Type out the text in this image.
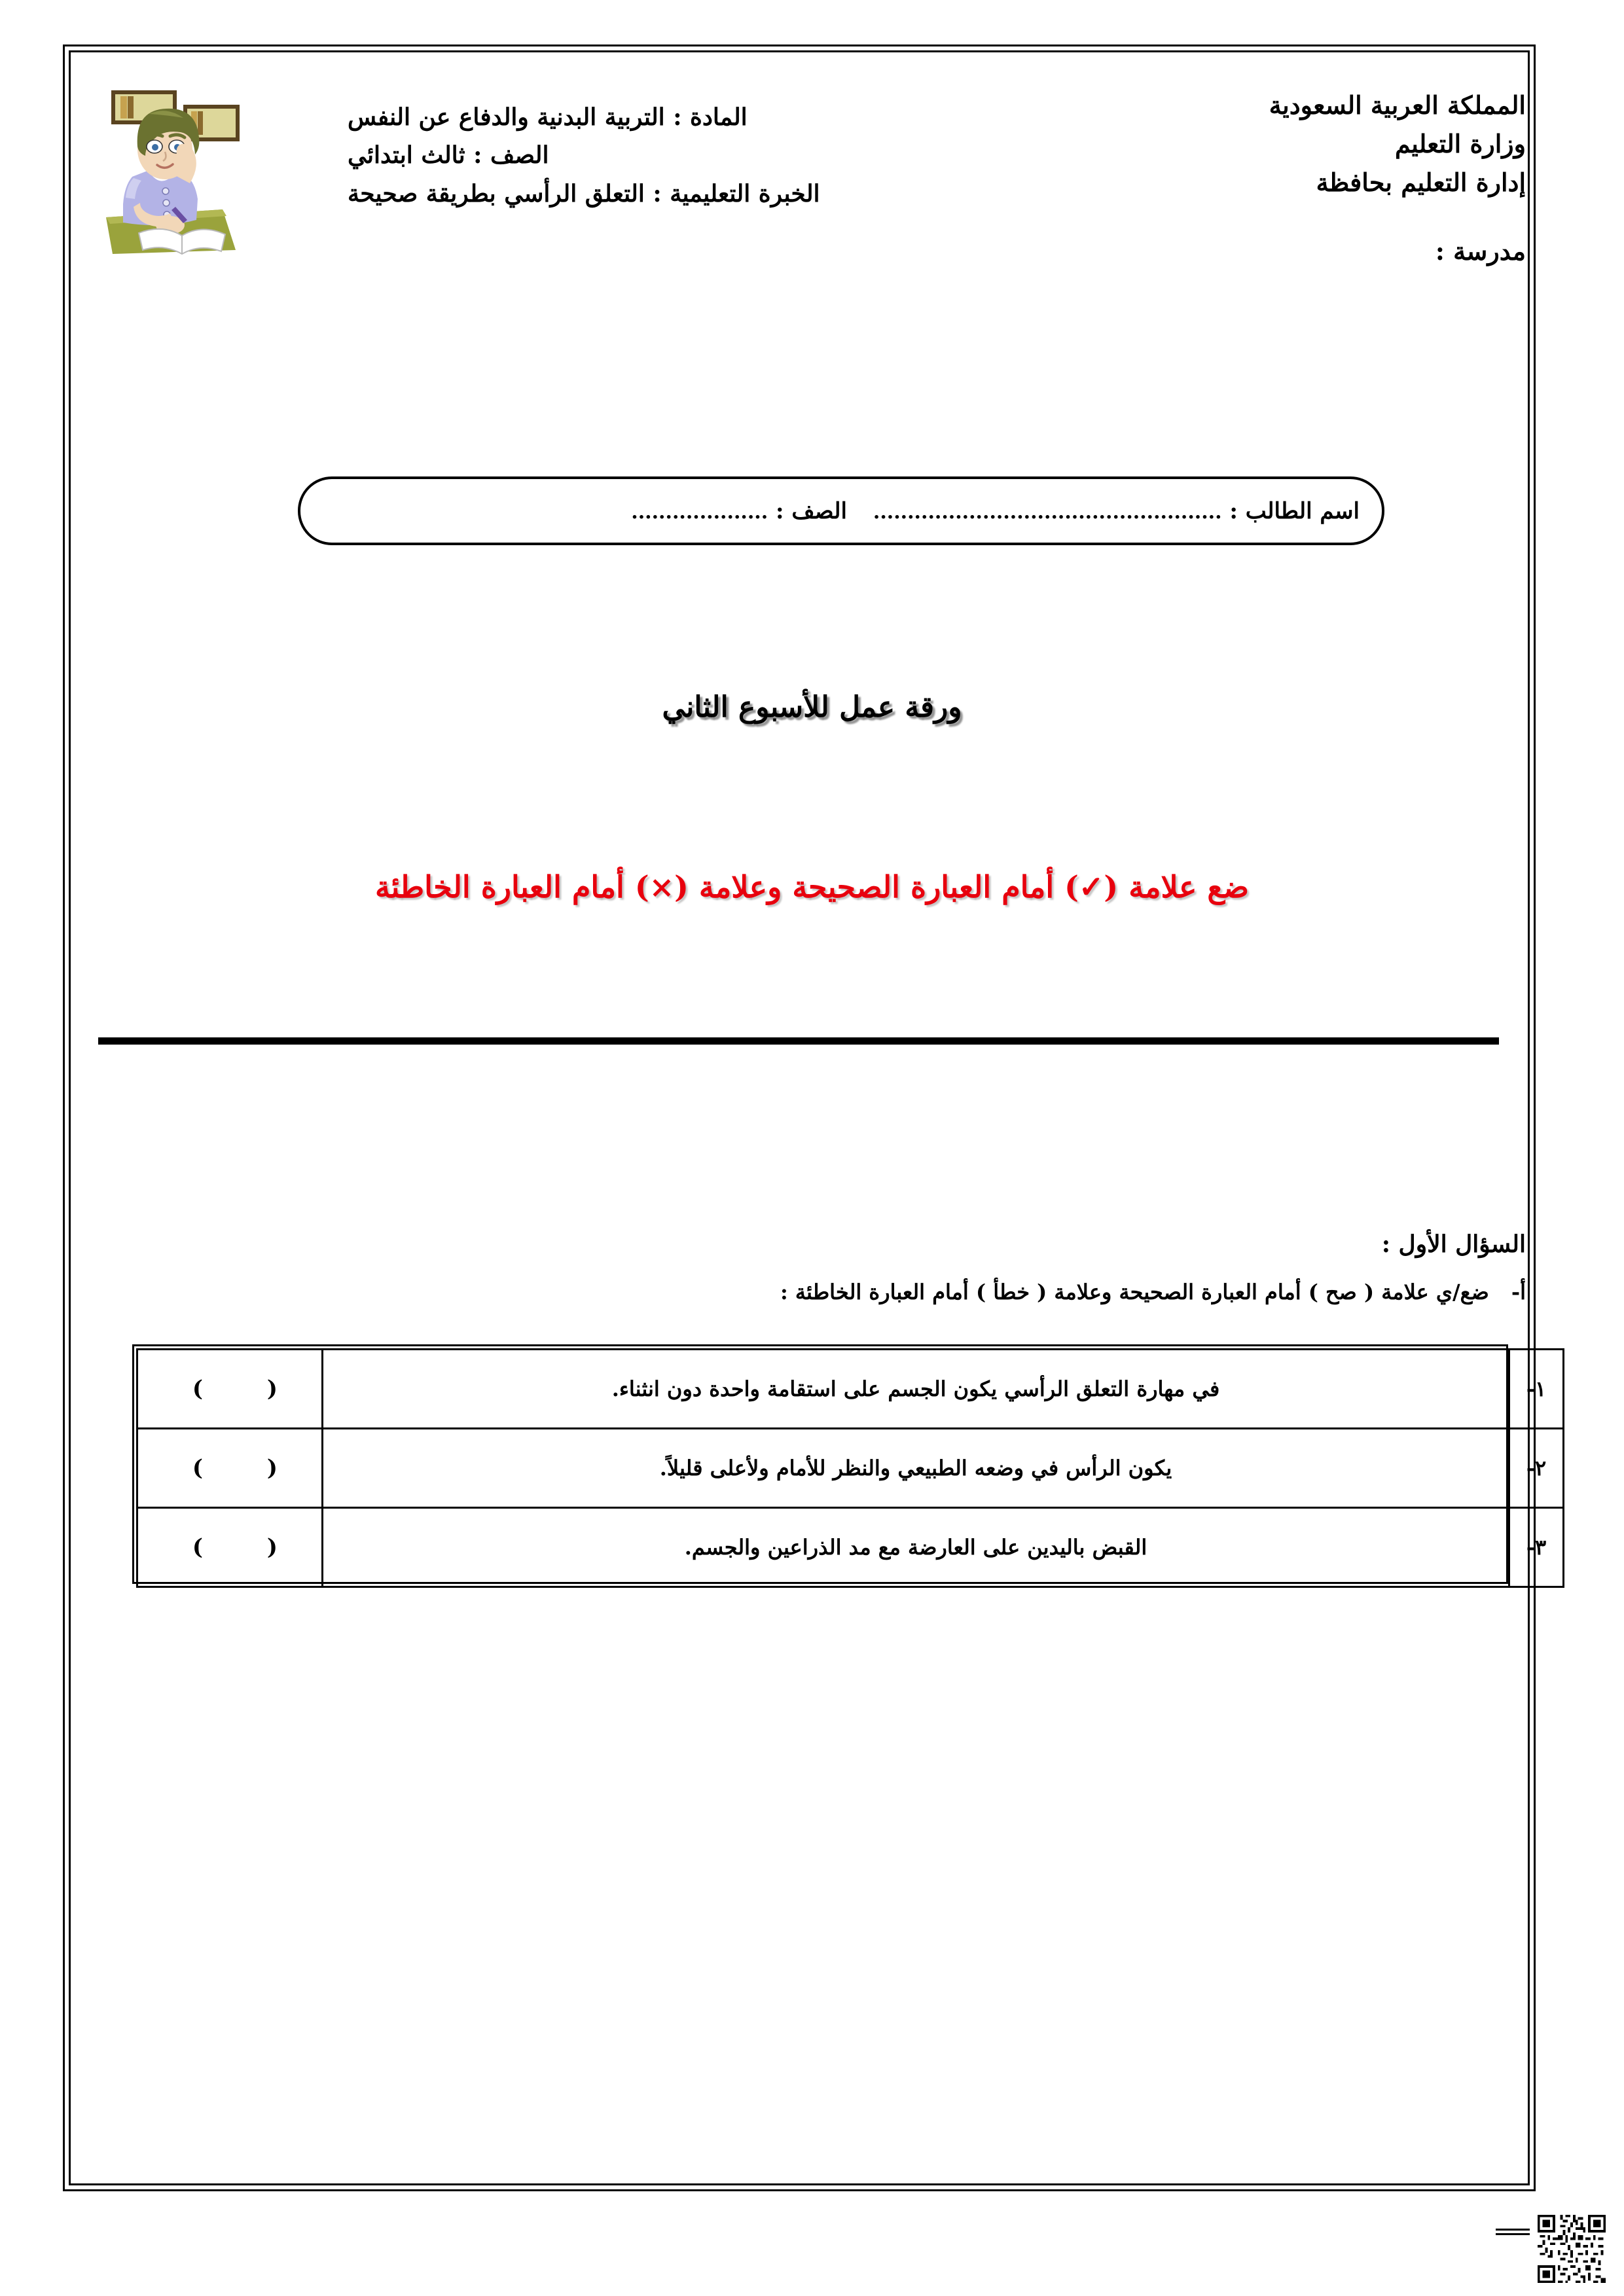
المملكة العربية السعودية
وزارة التعليم
إدارة التعليم بحافظة
مدرسة :
المادة : التربية البدنية والدفاع عن النفس
الصف : ثالث ابتدائي
الخبرة التعليمية : التعلق الرأسي بطريقة صحيحة
اسم الطالب : ...................................................
الصف : ....................
ورقة عمل للأسبوع الثاني
ضع علامة (✓) أمام العبارة الصحيحة وعلامة (×) أمام العبارة الخاطئة
السؤال الأول :
أ-
ضع/ي علامة ( صح ) أمام العبارة الصحيحة وعلامة ( خطأ ) أمام العبارة الخاطئة :
١-	في مهارة التعلق الرأسي يكون الجسم على استقامة واحدة دون انثناء.	()
٢-	يكون الرأس في وضعه الطبيعي والنظر للأمام ولأعلى قليلاً.	()
٣-	القبض باليدين على العارضة مع مد الذراعين والجسم.	()
